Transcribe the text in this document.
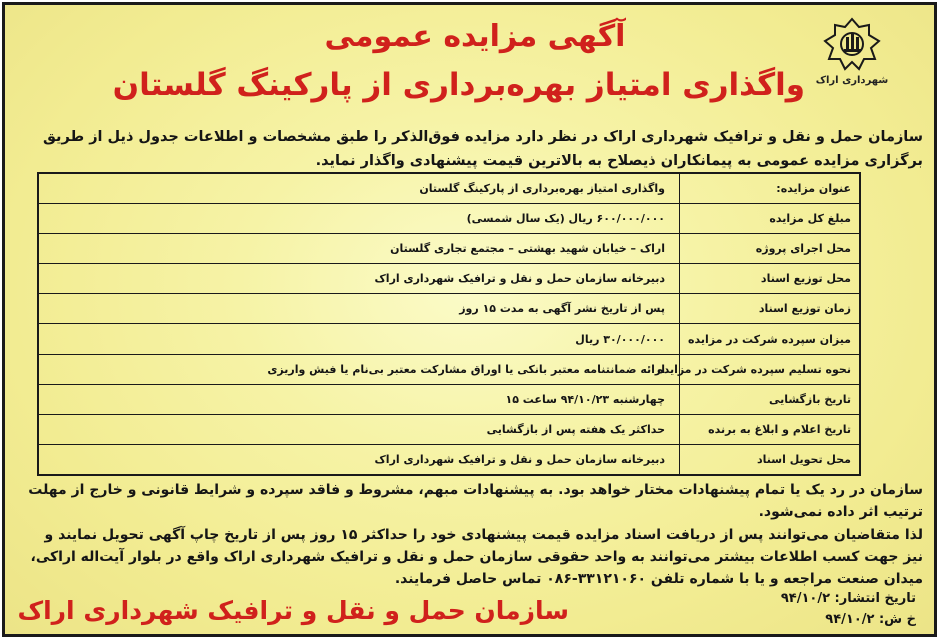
شهرداری اراک
آگهی مزایده عمومی
واگذاری امتیاز بهره‌برداری از پارکینگ گلستان
سازمان حمل و نقل و ترافیک شهرداری اراک در نظر دارد مزایده فوق‌الذکر را طبق مشخصات و اطلاعات جدول ذیل از طریق برگزاری مزایده عمومی به پیمانکاران ذیصلاح به بالاترین قیمت پیشنهادی واگذار نماید.
عنوان مزایده:
واگذاری امتیاز بهره‌برداری از پارکینگ گلستان
مبلغ کل مزایده
۶۰۰/۰۰۰/۰۰۰ ریال (یک سال شمسی)
محل اجرای پروژه
اراک – خیابان شهید بهشتی – مجتمع تجاری گلستان
محل توزیع اسناد
دبیرخانه سازمان حمل و نقل و ترافیک شهرداری اراک
زمان توزیع اسناد
پس از تاریخ نشر آگهی به مدت ۱۵ روز
میزان سپرده شرکت در مزایده
۳۰/۰۰۰/۰۰۰ ریال
نحوه تسلیم سپرده شرکت در مزایده
ارائه ضمانتنامه معتبر بانکی یا اوراق مشارکت معتبر بی‌نام یا فیش واریزی
تاریخ بازگشایی
چهارشنبه ۹۴/۱۰/۲۳ ساعت ۱۵
تاریخ اعلام و ابلاغ به برنده
حداکثر یک هفته پس از بازگشایی
محل تحویل اسناد
دبیرخانه سازمان حمل و نقل و ترافیک شهرداری اراک
سازمان در رد یک یا تمام پیشنهادات مختار خواهد بود. به پیشنهادات مبهم، مشروط و فاقد سپرده و شرایط قانونی و خارج از مهلت ترتیب اثر داده نمی‌شود.
لذا متقاضیان می‌توانند پس از دریافت اسناد مزایده قیمت پیشنهادی خود را حداکثر ۱۵ روز پس از تاریخ چاپ آگهی تحویل نمایند و نیز جهت کسب اطلاعات بیشتر می‌توانند به واحد حقوقی سازمان حمل و نقل و ترافیک شهرداری اراک واقع در بلوار آیت‌اله اراکی، میدان صنعت مراجعه و یا با شماره تلفن ۳۳۱۲۱۰۶۰-۰۸۶ تماس حاصل فرمایند.
تاریخ انتشار: ۹۴/۱۰/۲
خ ش: ۹۴/۱۰/۲
سازمان حمل و نقل و ترافیک شهرداری اراک
